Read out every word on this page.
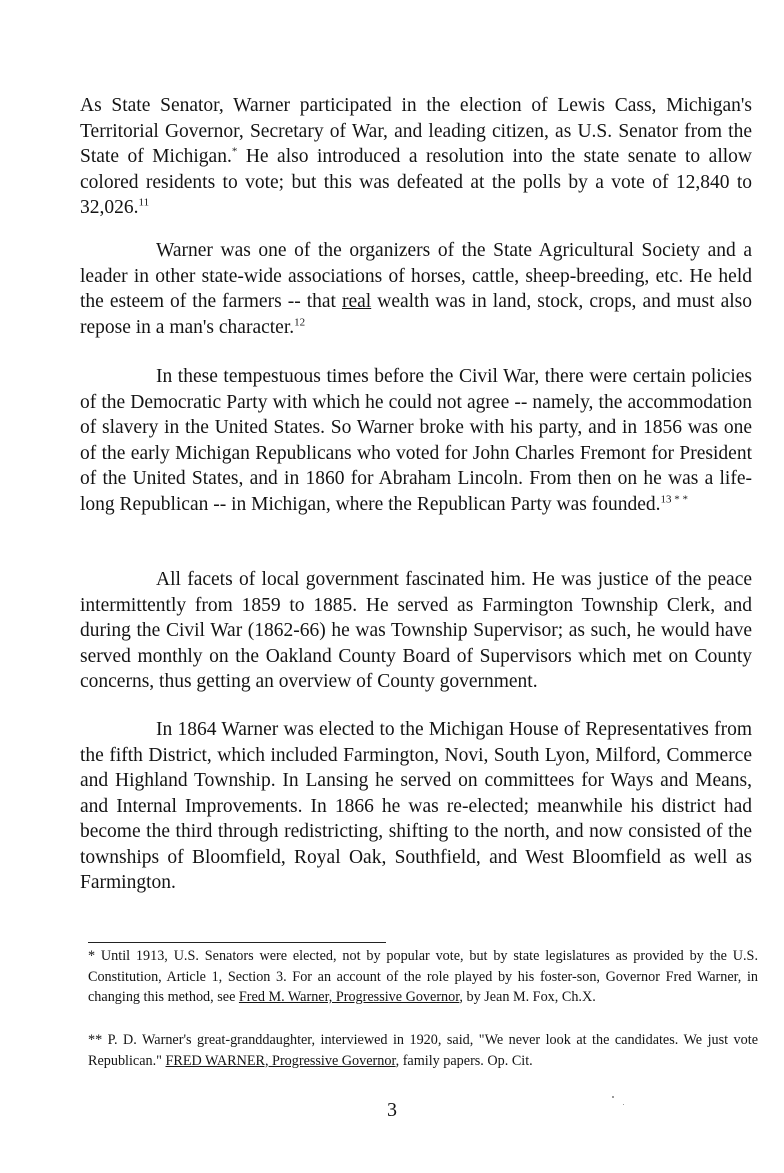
As State Senator, Warner participated in the election of Lewis Cass, Michigan's Territorial Governor, Secretary of War, and leading citizen, as U.S. Senator from the State of Michigan.* He also introduced a resolution into the state senate to allow colored residents to vote; but this was defeated at the polls by a vote of 12,840 to 32,026.11

Warner was one of the organizers of the State Agricultural Society and a leader in other state-wide associations of horses, cattle, sheep-breeding, etc. He held the esteem of the farmers -- that real wealth was in land, stock, crops, and must also repose in a man's character.$^{12}$

In these tempestuous times before the Civil War, there were certain policies of the Democratic Party with which he could not agree -- namely, the accommodation of slavery in the United States. So Warner broke with his party, and in 1856 was one of the early Michigan Republicans who voted for John Charles Fremont for President of the United States, and in 1860 for Abraham Lincoln. From then on he was a life-long Republican -- in Michigan, where the Republican Party was founded.$^{13 * *}$

All facets of local government fascinated him. He was justice of the peace intermittently from 1859 to 1885. He served as Farmington Township Clerk, and during the Civil War (1862-66) he was Township Supervisor; as such, he would have served monthly on the Oakland County Board of Supervisors which met on County concerns, thus getting an overview of County government.

In 1864 Warner was elected to the Michigan House of Representatives from the fifth District, which included Farmington, Novi, South Lyon, Milford, Commerce and Highland Township. In Lansing he served on committees for Ways and Means, and Internal Improvements. In 1866 he was re-elected; meanwhile his district had become the third through redistricting, shifting to the north, and now consisted of the townships of Bloomfield, Royal Oak, Southfield, and West Bloomfield as well as Farmington.

* Until 1913, U.S. Senators were elected, not by popular vote, but by state legislatures as provided by the U.S. Constitution, Article 1, Section 3. For an account of the role played by his foster-son, Governor Fred Warner, in changing this method, see Fred M. Warner, Progressive Governor, by Jean M. Fox, Ch.X.

** P. D. Warner's great-granddaughter, interviewed in 1920, said, "We never look at the candidates. We just vote Republican." FRED WARNER, Progressive Governor, family papers. Op. Cit.

3
